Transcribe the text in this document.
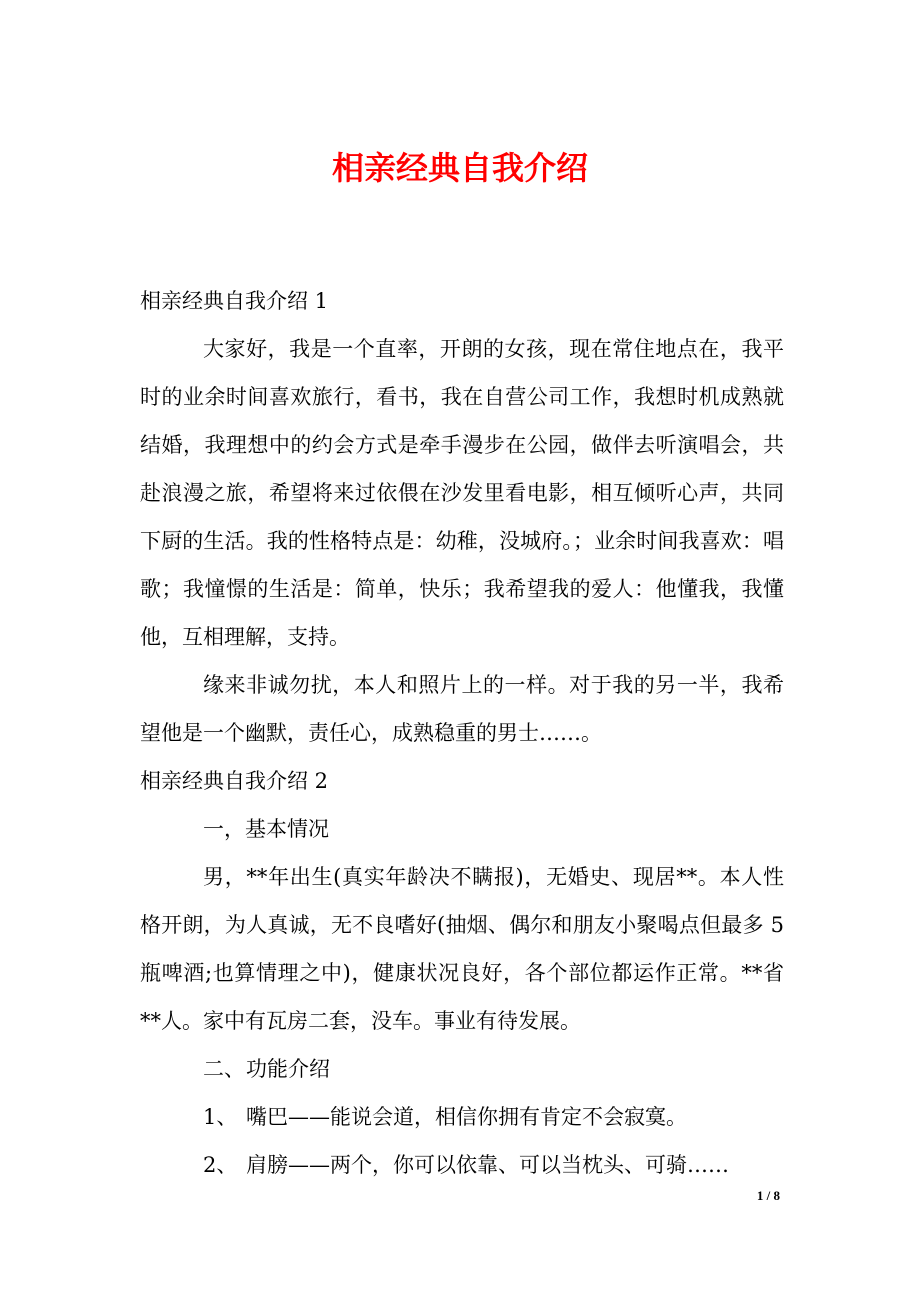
相亲经典自我介绍
相亲经典自我介绍 1

大家好，我是一个直率，开朗的女孩，现在常住地点在，我平时的业余时间喜欢旅行，看书，我在自营公司工作，我想时机成熟就结婚，我理想中的约会方式是牵手漫步在公园，做伴去听演唱会，共赴浪漫之旅，希望将来过依偎在沙发里看电影，相互倾听心声，共同下厨的生活。我的性格特点是：幼稚，没城府。；业余时间我喜欢：唱歌；我憧憬的生活是：简单，快乐；我希望我的爱人：他懂我，我懂他，互相理解，支持。

缘来非诚勿扰，本人和照片上的一样。对于我的另一半，我希望他是一个幽默，责任心，成熟稳重的男士……。

相亲经典自我介绍 2

一，基本情况

男，**年出生(真实年龄决不瞒报)，无婚史、现居**。本人性格开朗，为人真诚，无不良嗜好(抽烟、偶尔和朋友小聚喝点但最多 5 瓶啤酒;也算情理之中)，健康状况良好，各个部位都运作正常。**省**人。家中有瓦房二套，没车。事业有待发展。

二、功能介绍

1、 嘴巴——能说会道，相信你拥有肯定不会寂寞。

2、 肩膀——两个，你可以依靠、可以当枕头、可骑……

1 / 8
